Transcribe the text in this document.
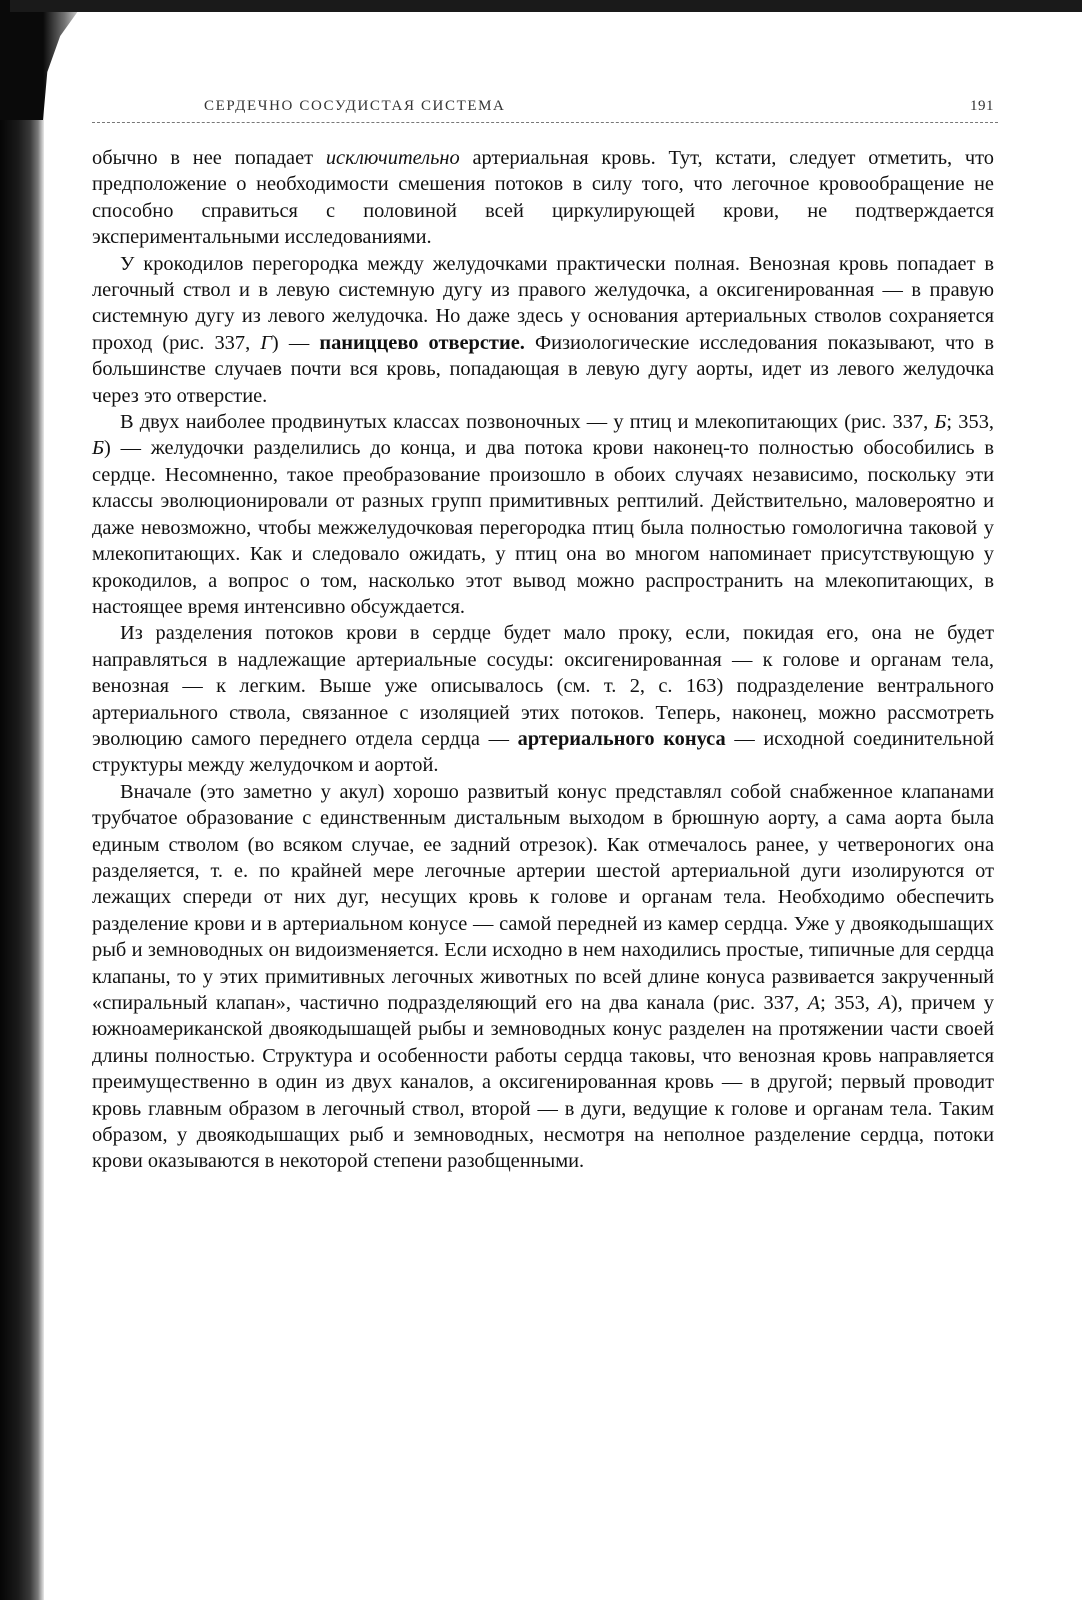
СЕРДЕЧНО СОСУДИСТАЯ СИСТЕМА	191

обычно в нее попадает исключительно артериальная кровь. Тут, кстати, следует отметить, что предположение о необходимости смешения потоков в силу того, что легочное кровообращение не способно справиться с половиной всей циркулирующей крови, не подтверждается экспериментальными исследованиями.

У крокодилов перегородка между желудочками практически полная. Венозная кровь попадает в легочный ствол и в левую системную дугу из правого желудочка, а оксигенированная — в правую системную дугу из левого желудочка. Но даже здесь у основания артериальных стволов сохраняется проход (рис. 337, Г) — паниццево отверстие. Физиологические исследования показывают, что в большинстве случаев почти вся кровь, попадающая в левую дугу аорты, идет из левого желудочка через это отверстие.

В двух наиболее продвинутых классах позвоночных — у птиц и млекопитающих (рис. 337, Б; 353, Б) — желудочки разделились до конца, и два потока крови наконец-то полностью обособились в сердце. Несомненно, такое преобразование произошло в обоих случаях независимо, поскольку эти классы эволюционировали от разных групп примитивных рептилий. Действительно, маловероятно и даже невозможно, чтобы межжелудочковая перегородка птиц была полностью гомологична таковой у млекопитающих. Как и следовало ожидать, у птиц она во многом напоминает присутствующую у крокодилов, а вопрос о том, насколько этот вывод можно распространить на млекопитающих, в настоящее время интенсивно обсуждается.

Из разделения потоков крови в сердце будет мало проку, если, покидая его, она не будет направляться в надлежащие артериальные сосуды: оксигенированная — к голове и органам тела, венозная — к легким. Выше уже описывалось (см. т. 2, с. 163) подразделение вентрального артериального ствола, связанное с изоляцией этих потоков. Теперь, наконец, можно рассмотреть эволюцию самого переднего отдела сердца — артериального конуса — исходной соединительной структуры между желудочком и аортой.

Вначале (это заметно у акул) хорошо развитый конус представлял собой снабженное клапанами трубчатое образование с единственным дистальным выходом в брюшную аорту, а сама аорта была единым стволом (во всяком случае, ее задний отрезок). Как отмечалось ранее, у четвероногих она разделяется, т. е. по крайней мере легочные артерии шестой артериальной дуги изолируются от лежащих спереди от них дуг, несущих кровь к голове и органам тела. Необходимо обеспечить разделение крови и в артериальном конусе — самой передней из камер сердца. Уже у двоякодышащих рыб и земноводных он видоизменяется. Если исходно в нем находились простые, типичные для сердца клапаны, то у этих примитивных легочных животных по всей длине конуса развивается закрученный «спиральный клапан», частично подразделяющий его на два канала (рис. 337, А; 353, А), причем у южноамериканской двоякодышащей рыбы и земноводных конус разделен на протяжении части своей длины полностью. Структура и особенности работы сердца таковы, что венозная кровь направляется преимущественно в один из двух каналов, а оксигенированная кровь — в другой; первый проводит кровь главным образом в легочный ствол, второй — в дуги, ведущие к голове и органам тела. Таким образом, у двоякодышащих рыб и земноводных, несмотря на неполное разделение сердца, потоки крови оказываются в некоторой степени разобщенными.
